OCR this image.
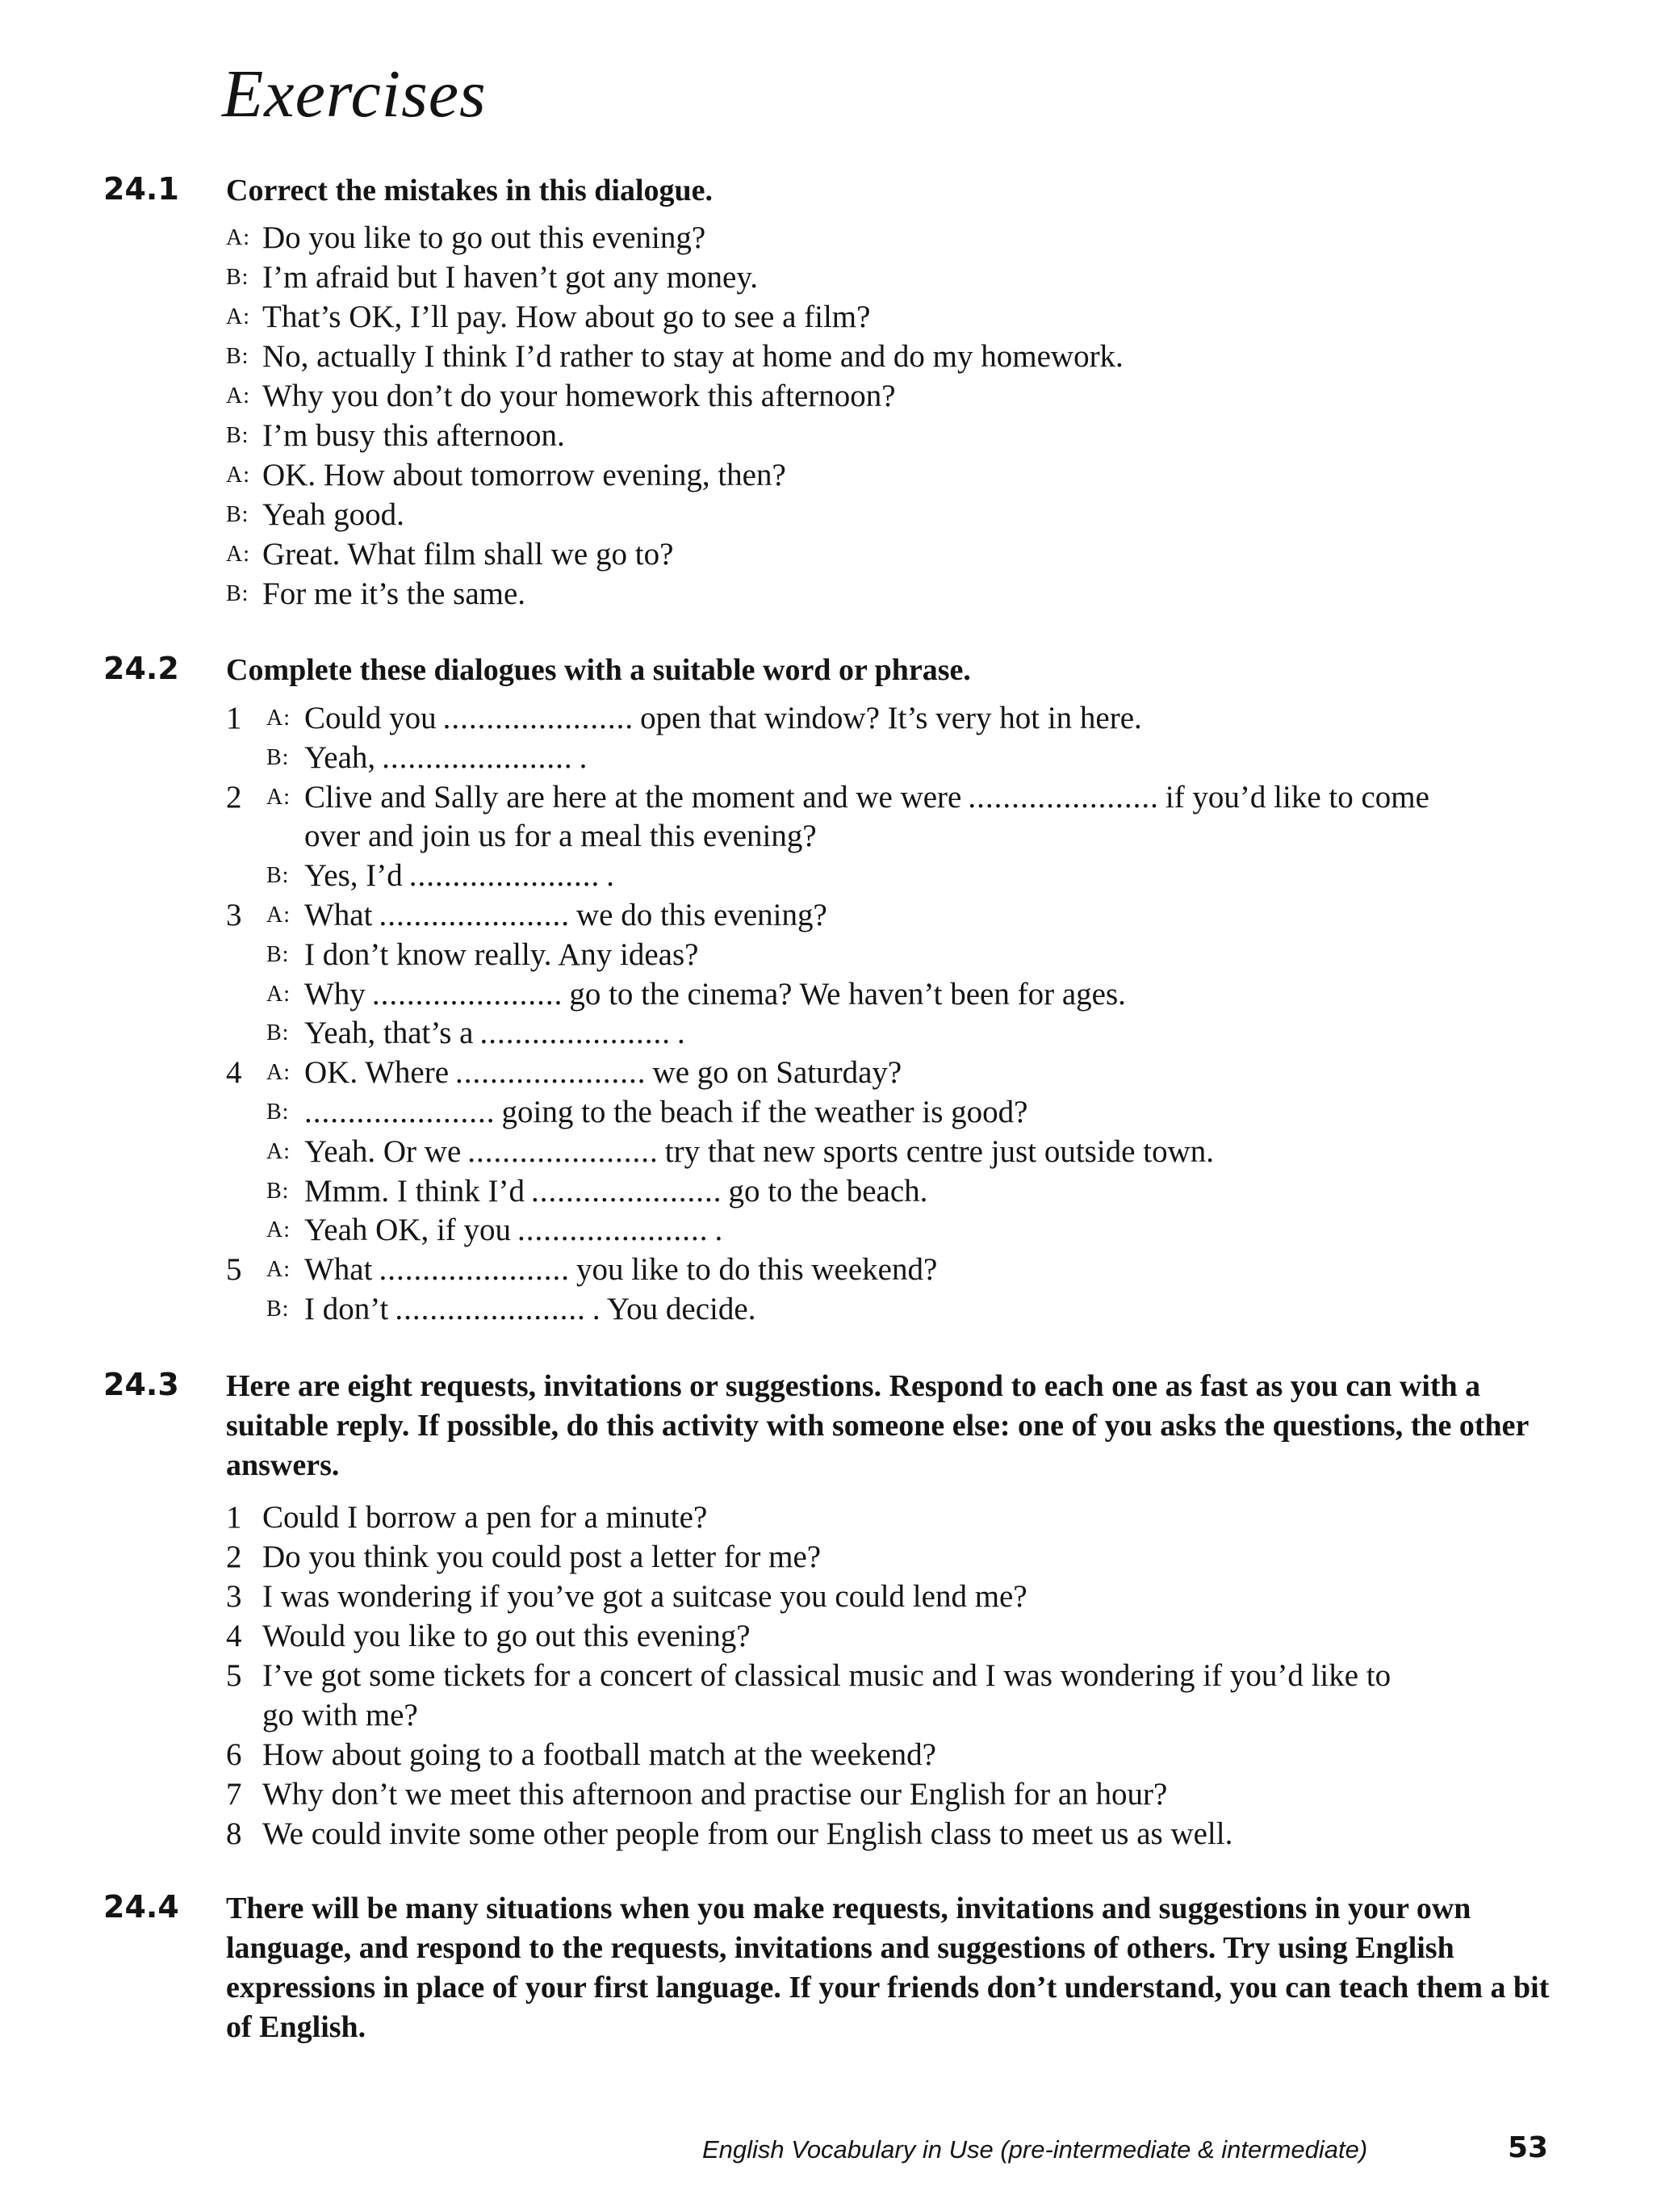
Exercises
24.1 Correct the mistakes in this dialogue.
A: Do you like to go out this evening?
B: I’m afraid but I haven’t got any money.
A: That’s OK, I’ll pay. How about go to see a film?
B: No, actually I think I’d rather to stay at home and do my homework.
A: Why you don’t do your homework this afternoon?
B: I’m busy this afternoon.
A: OK. How about tomorrow evening, then?
B: Yeah good.
A: Great. What film shall we go to?
B: For me it’s the same.
24.2 Complete these dialogues with a suitable word or phrase.
1 A: Could you ...................... open that window? It’s very hot in here.
B: Yeah, ...................... .
2 A: Clive and Sally are here at the moment and we were ...................... if you’d like to come
over and join us for a meal this evening?
B: Yes, I’d ...................... .
3 A: What ...................... we do this evening?
B: I don’t know really. Any ideas?
A: Why ...................... go to the cinema? We haven’t been for ages.
B: Yeah, that’s a ...................... .
4 A: OK. Where ...................... we go on Saturday?
B: ...................... going to the beach if the weather is good?
A: Yeah. Or we ...................... try that new sports centre just outside town.
B: Mmm. I think I’d ...................... go to the beach.
A: Yeah OK, if you ...................... .
5 A: What ...................... you like to do this weekend?
B: I don’t ...................... . You decide.
24.3 Here are eight requests, invitations or suggestions. Respond to each one as fast as you can with a suitable reply. If possible, do this activity with someone else: one of you asks the questions, the other answers.
1 Could I borrow a pen for a minute?
2 Do you think you could post a letter for me?
3 I was wondering if you’ve got a suitcase you could lend me?
4 Would you like to go out this evening?
5 I’ve got some tickets for a concert of classical music and I was wondering if you’d like to
go with me?
6 How about going to a football match at the weekend?
7 Why don’t we meet this afternoon and practise our English for an hour?
8 We could invite some other people from our English class to meet us as well.
24.4 There will be many situations when you make requests, invitations and suggestions in your own language, and respond to the requests, invitations and suggestions of others. Try using English expressions in place of your first language. If your friends don’t understand, you can teach them a bit of English.
English Vocabulary in Use (pre-intermediate & intermediate)	53
